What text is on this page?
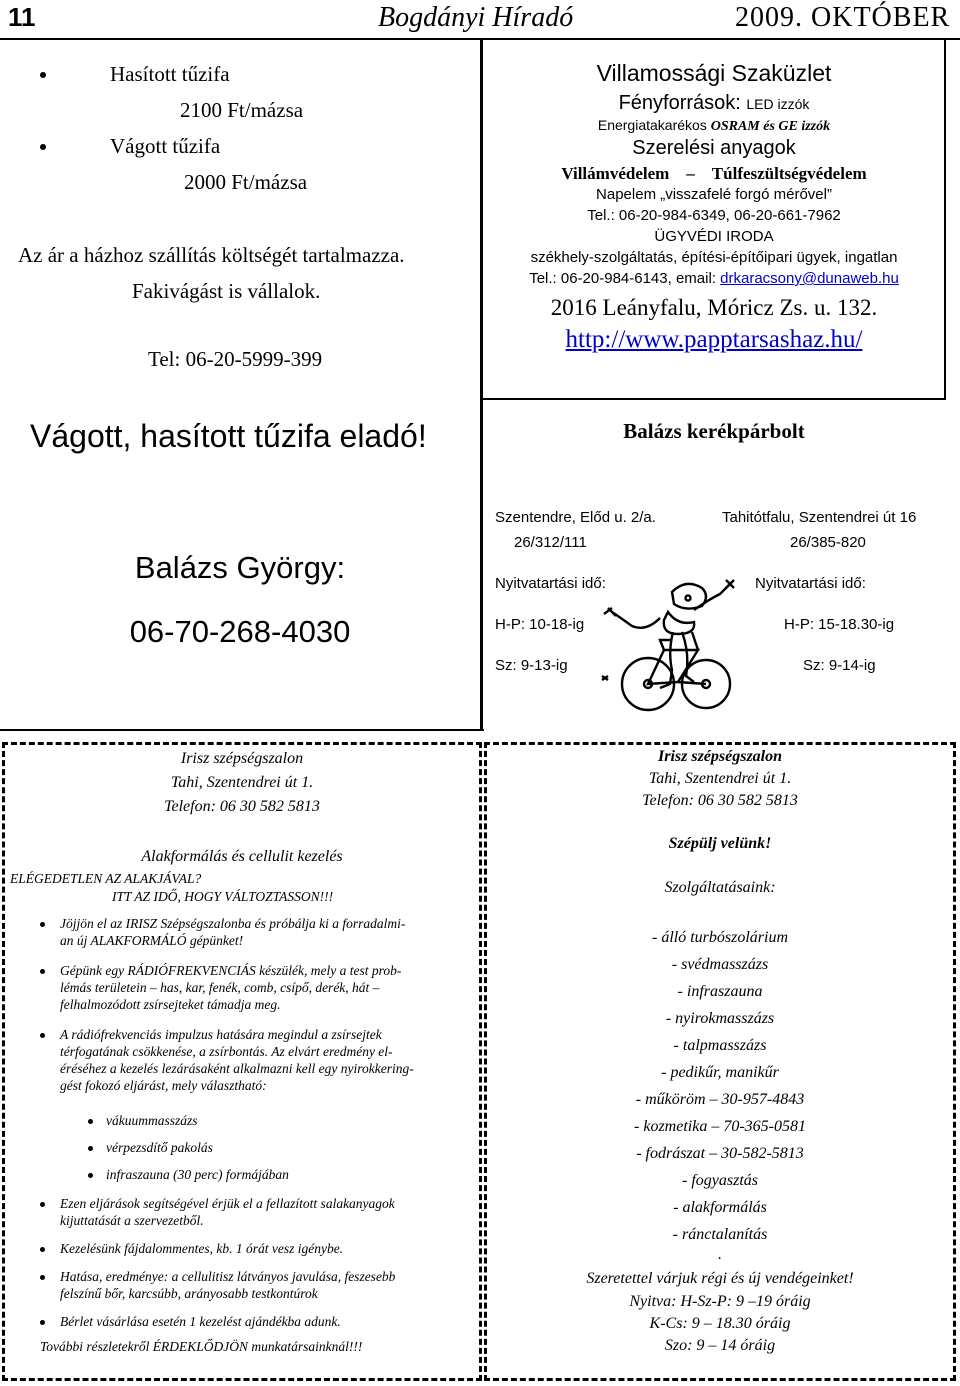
11	Bogdányi Híradó	2009. OKTÓBER
Hasított tűzifa
2100 Ft/mázsa
Vágott tűzifa
2000 Ft/mázsa
Az ár a házhoz szállítás költségét tartalmazza.
Fakivágást is vállalok.
Tel: 06-20-5999-399
Vágott, hasított tűzifa eladó!
Villamossági Szaküzlet
Fényforrások: LED izzók
Energiatakarékos OSRAM és GE izzók
Szerelési anyagok
Villámvédelem – Túlfeszültségvédelem
Napelem „visszafelé forgó mérővel”
Tel.: 06-20-984-6349, 06-20-661-7962
ÜGYVÉDI IRODA
székhely-szolgáltatás, építési-építőipari ügyek, ingatlan
Tel.: 06-20-984-6143, email: drkaracsony@dunaweb.hu
2016 Leányfalu, Móricz Zs. u. 132.
http://www.papptarsashaz.hu/
Balázs kerékpárbolt
Balázs György:
06-70-268-4030
Szentendre, Előd u. 2/a.
26/312/111
Nyitvatartási idő:
H-P: 10-18-ig
Sz: 9-13-ig
Tahitótfalu, Szentendrei út 16
26/385-820
Nyitvatartási idő:
H-P: 15-18.30-ig
Sz: 9-14-ig
Irisz szépségszalon
Tahi, Szentendrei út 1.
Telefon: 06 30 582 5813
Alakformálás és cellulit kezelés
ELÉGEDETLEN AZ ALAKJÁVAL?
ITT AZ IDŐ, HOGY VÁLTOZTASSON!!!
Jöjjön el az IRISZ Szépségszalonba és próbálja ki a forradalmi-
an új ALAKFORMÁLÓ gépünket!
Gépünk egy RÁDIÓFREKVENCIÁS készülék, mely a test prob-
lémás területein – has, kar, fenék, comb, csípő, derék, hát –
felhalmozódott zsírsejteket támadja meg.
A rádiófrekvenciás impulzus hatására megindul a zsírsejtek
térfogatának csökkenése, a zsírbontás. Az elvárt eredmény el-
éréséhez a kezelés lezárásaként alkalmazni kell egy nyirokkering-
gést fokozó eljárást, mely választható:
vákuummasszázs
vérpezsdítő pakolás
infraszauna (30 perc) formájában
Ezen eljárások segítségével érjük el a fellazított salakanyagok
kijuttatását a szervezetből.
Kezelésünk fájdalommentes, kb. 1 órát vesz igénybe.
Hatása, eredménye: a cellulitisz látványos javulása, feszesebb
felszínű bőr, karcsúbb, arányosabb testkontúrok
Bérlet vásárlása esetén 1 kezelést ajándékba adunk.
További részletekről ÉRDEKLŐDJÖN munkatársainknál!!!
Irisz szépségszalon
Tahi, Szentendrei út 1.
Telefon: 06 30 582 5813
Szépülj velünk!
Szolgáltatásaink:
- álló turbószolárium
- svédmasszázs
- infraszauna
- nyirokmasszázs
- talpmasszázs
- pedikűr, manikűr
- műköröm – 30-957-4843
- kozmetika – 70-365-0581
- fodrászat – 30-582-5813
- fogyasztás
- alakformálás
- ránctalanítás
.
Szeretettel várjuk régi és új vendégeinket!
Nyitva: H-Sz-P: 9 –19 óráig
K-Cs: 9 – 18.30 óráig
Szo: 9 – 14 óráig
